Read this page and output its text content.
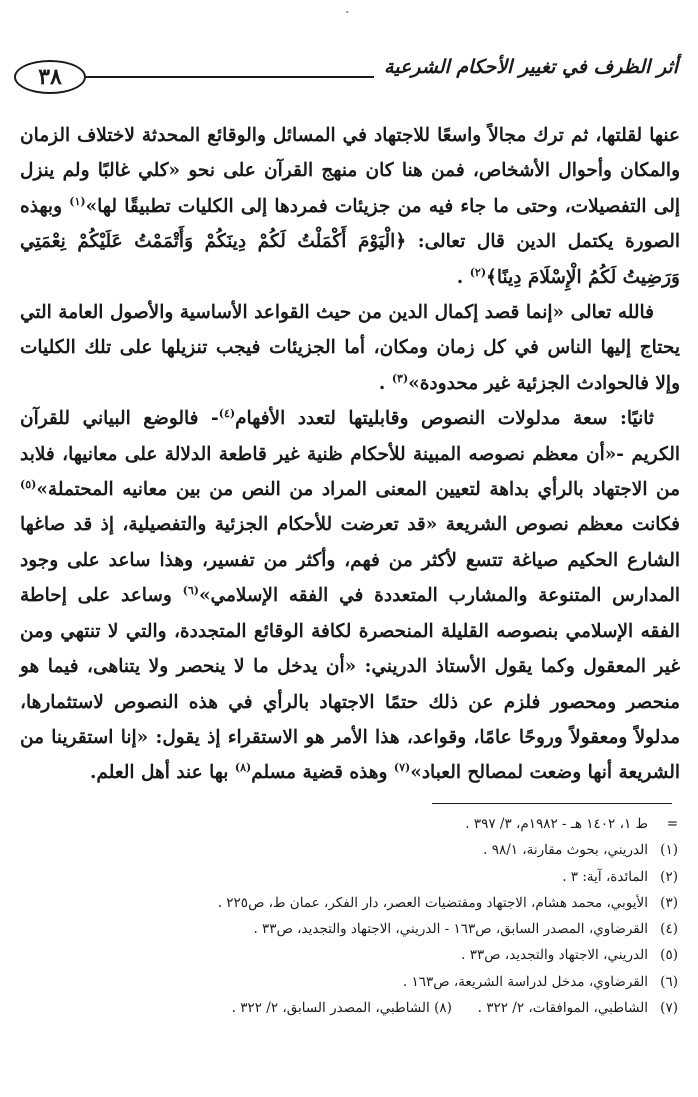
٣٨	أثر الظرف في تغيير الأحكام الشرعية

عنها لقلتها، ثم ترك مجالاً واسعًا للاجتهاد في المسائل والوقائع المحدثة لاختلاف الزمان والمكان وأحوال الأشخاص، فمن هنا كان منهج القرآن على نحو «كلي غالبًا ولم ينزل إلى التفصيلات، وحتى ما جاء فيه من جزيئات فمردها إلى الكليات تطبيقًا لها»$^{(١)}$ وبهذه الصورة يكتمل الدين قال تعالى: ﴿الْيَوْمَ أَكْمَلْتُ لَكُمْ دِينَكُمْ وَأَتْمَمْتُ عَلَيْكُمْ نِعْمَتِي وَرَضِيتُ لَكُمُ الْإِسْلَامَ دِينًا﴾$^{(٢)}$ .

فالله تعالى «إنما قصد إكمال الدين من حيث القواعد الأساسية والأصول العامة التي يحتاج إليها الناس في كل زمان ومكان، أما الجزيئات فيجب تنزيلها على تلك الكليات وإلا فالحوادث الجزئية غير محدودة»$^{(٣)}$ .

ثانيًا: سعة مدلولات النصوص وقابليتها لتعدد الأفهام$^{(٤)}$- فالوضع البياني للقرآن الكريم -«أن معظم نصوصه المبينة للأحكام ظنية غير قاطعة الدلالة على معانيها، فلابد من الاجتهاد بالرأي بداهة لتعيين المعنى المراد من النص من بين معانيه المحتملة»$^{(٥)}$ فكانت معظم نصوص الشريعة «قد تعرضت للأحكام الجزئية والتفصيلية، إذ قد صاغها الشارع الحكيم صياغة تتسع لأكثر من فهم، وأكثر من تفسير، وهذا ساعد على وجود المدارس المتنوعة والمشارب المتعددة في الفقه الإسلامي»$^{(٦)}$ وساعد على إحاطة الفقه الإسلامي بنصوصه القليلة المنحصرة لكافة الوقائع المتجددة، والتي لا تنتهي ومن غير المعقول وكما يقول الأستاذ الدريني: «أن يدخل ما لا ينحصر ولا يتناهى، فيما هو منحصر ومحصور فلزم عن ذلك حتمًا الاجتهاد بالرأي في هذه النصوص لاستثمارها، مدلولاً ومعقولاً وروحًا عامًا، وقواعد، هذا الأمر هو الاستقراء إذ يقول: «إنا استقرينا من الشريعة أنها وضعت لمصالح العباد»$^{(٧)}$ وهذه قضية مسلم$^{(٨)}$ بها عند أهل العلم.

=ط ١، ١٤٠٢ هـ - ١٩٨٢م، ٣/ ٣٩٧ .
(١)الدريني، بحوث مقارنة، ٩٨/١ .
(٢)المائدة، آية: ٣ .
(٣)الأيوبي، محمد هشام، الاجتهاد ومقتضيات العصر، دار الفكر، عمان ط، ص٢٢٥ .
(٤)القرضاوي، المصدر السابق، ص١٦٣ - الدريني، الاجتهاد والتجديد، ص٣٣ .
(٥)الدريني، الاجتهاد والتجديد، ص٣٣ .
(٦)القرضاوي، مدخل لدراسة الشريعة، ص١٦٣ .
(٧)الشاطبي، الموافقات، ٢/ ٣٢٢ .      (٨) الشاطبي، المصدر السابق، ٢/ ٣٢٢ .
